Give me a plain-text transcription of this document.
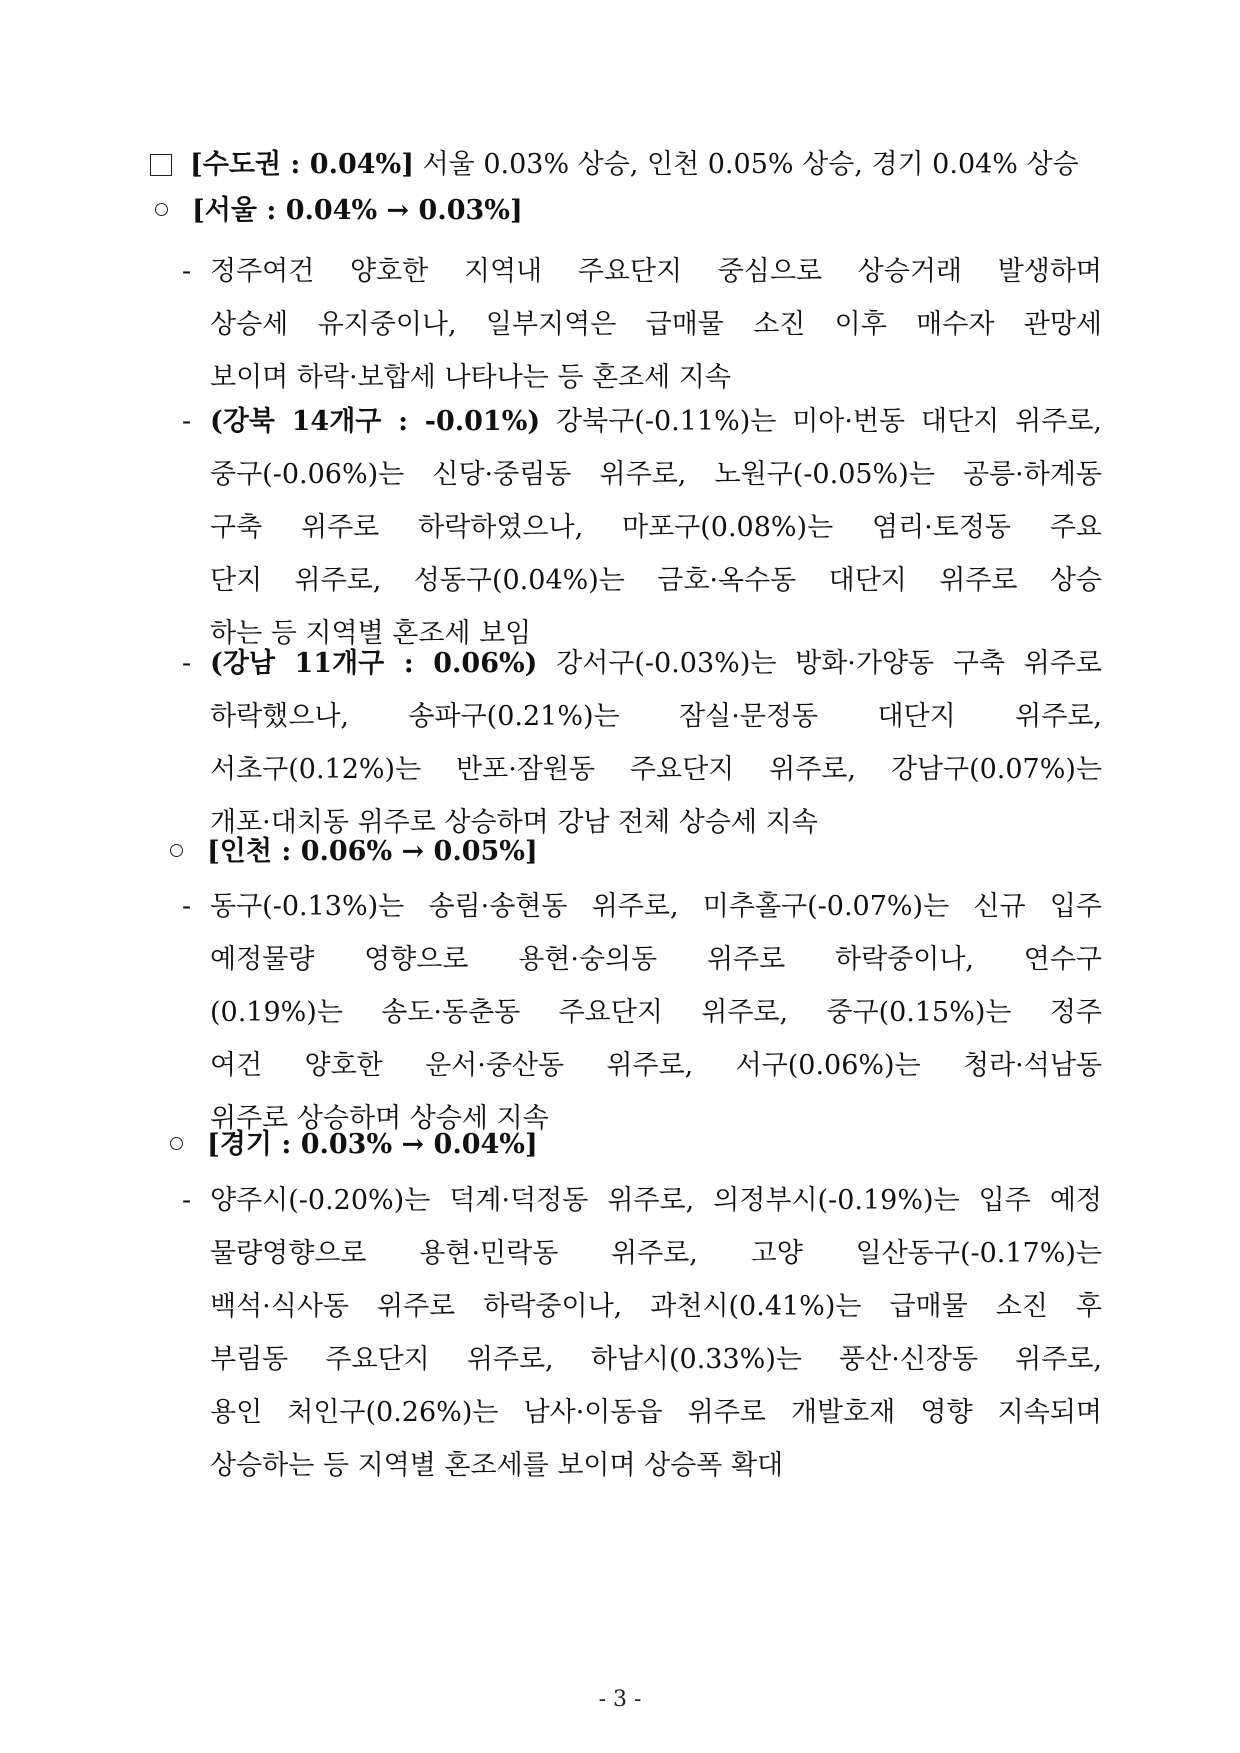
[수도권 : 0.04%] 서울 0.03% 상승, 인천 0.05% 상승, 경기 0.04% 상승
[서울 : 0.04% → 0.03%]
- 정주여건 양호한 지역내 주요단지 중심으로 상승거래 발생하며
상승세 유지중이나, 일부지역은 급매물 소진 이후 매수자 관망세
보이며 하락·보합세 나타나는 등 혼조세 지속
- (강북 14개구 : -0.01%) 강북구(-0.11%)는 미아·번동 대단지 위주로,
중구(-0.06%)는 신당·중림동 위주로, 노원구(-0.05%)는 공릉·하계동
구축 위주로 하락하였으나, 마포구(0.08%)는 염리·토정동 주요
단지 위주로, 성동구(0.04%)는 금호·옥수동 대단지 위주로 상승
하는 등 지역별 혼조세 보임
- (강남 11개구 : 0.06%) 강서구(-0.03%)는 방화·가양동 구축 위주로
하락했으나, 송파구(0.21%)는 잠실·문정동 대단지 위주로,
서초구(0.12%)는 반포·잠원동 주요단지 위주로, 강남구(0.07%)는
개포·대치동 위주로 상승하며 강남 전체 상승세 지속
[인천 : 0.06% → 0.05%]
- 동구(-0.13%)는 송림·송현동 위주로, 미추홀구(-0.07%)는 신규 입주
예정물량 영향으로 용현·숭의동 위주로 하락중이나, 연수구
(0.19%)는 송도·동춘동 주요단지 위주로, 중구(0.15%)는 정주
여건 양호한 운서·중산동 위주로, 서구(0.06%)는 청라·석남동
위주로 상승하며 상승세 지속
[경기 : 0.03% → 0.04%]
- 양주시(-0.20%)는 덕계·덕정동 위주로, 의정부시(-0.19%)는 입주 예정
물량영향으로 용현·민락동 위주로, 고양 일산동구(-0.17%)는
백석·식사동 위주로 하락중이나, 과천시(0.41%)는 급매물 소진 후
부림동 주요단지 위주로, 하남시(0.33%)는 풍산·신장동 위주로,
용인 처인구(0.26%)는 남사·이동읍 위주로 개발호재 영향 지속되며
상승하는 등 지역별 혼조세를 보이며 상승폭 확대
- 3 -
